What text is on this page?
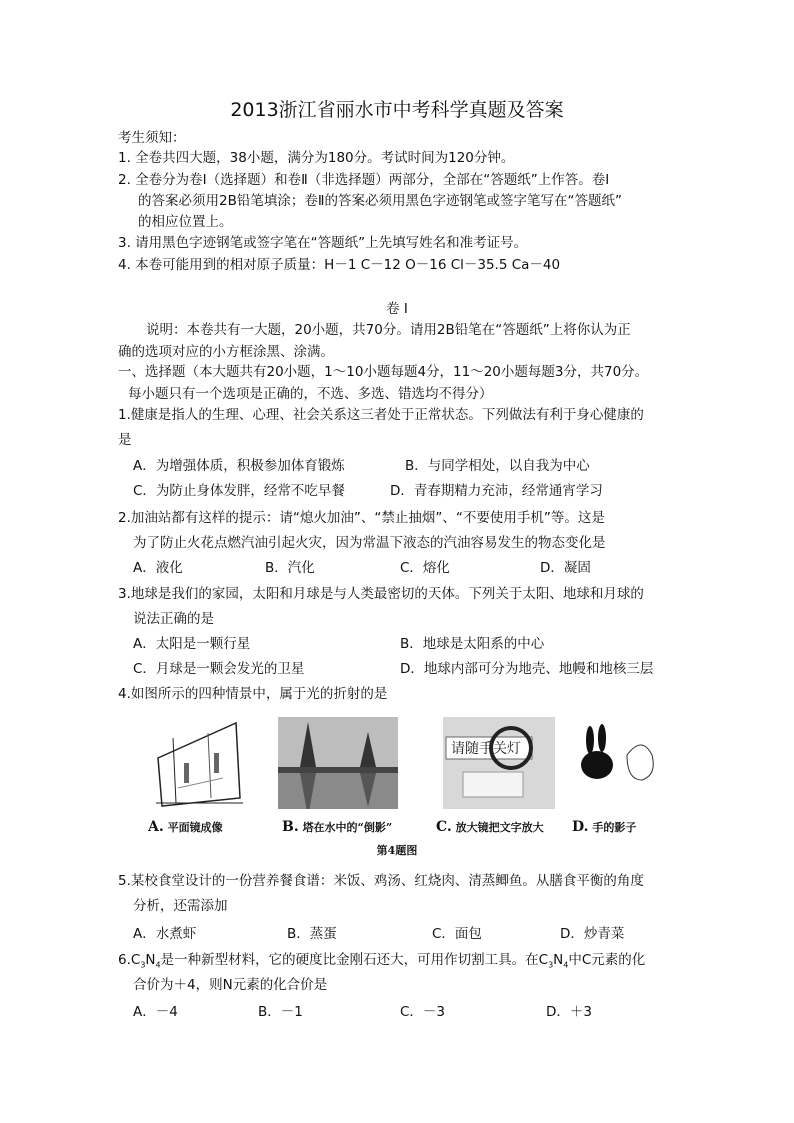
2013浙江省丽水市中考科学真题及答案
考生须知：
1. 全卷共四大题，38小题，满分为180分。考试时间为120分钟。
2. 全卷分为卷Ⅰ（选择题）和卷Ⅱ（非选择题）两部分，全部在“答题纸”上作答。卷Ⅰ
的答案必须用2B铅笔填涂；卷Ⅱ的答案必须用黑色字迹钢笔或签字笔写在“答题纸”
的相应位置上。
3. 请用黑色字迹钢笔或签字笔在“答题纸”上先填写姓名和准考证号。
4. 本卷可能用到的相对原子质量：H－1 C－12 O－16 Cl－35.5 Ca－40
卷 Ⅰ
说明：本卷共有一大题，20小题，共70分。请用2B铅笔在“答题纸”上将你认为正
确的选项对应的小方框涂黑、涂满。
一、选择题（本大题共有20小题，1～10小题每题4分，11～20小题每题3分，共70分。
每小题只有一个选项是正确的，不选、多选、错选均不得分）
1.健康是指人的生理、心理、社会关系这三者处于正常状态。下列做法有利于身心健康的
是
A．为增强体质，积极参加体育锻炼	B．与同学相处，以自我为中心
C．为防止身体发胖，经常不吃早餐	D．青春期精力充沛，经常通宵学习
2.加油站都有这样的提示：请“熄火加油”、“禁止抽烟”、“不要使用手机”等。这是
为了防止火花点燃汽油引起火灾，因为常温下液态的汽油容易发生的物态变化是
A．液化	B．汽化	C．熔化	D．凝固
3.地球是我们的家园，太阳和月球是与人类最密切的天体。下列关于太阳、地球和月球的
说法正确的是
A．太阳是一颗行星	B．地球是太阳系的中心
C．月球是一颗会发光的卫星	D．地球内部可分为地壳、地幔和地核三层
4.如图所示的四种情景中，属于光的折射的是
请随手关灯
A. 平面镜成像	B. 塔在水中的“倒影”	C. 放大镜把文字放大 D. 手的影子
第4题图
5.某校食堂设计的一份营养餐食谱：米饭、鸡汤、红烧肉、清蒸鲫鱼。从膳食平衡的角度
分析，还需添加
A．水煮虾	B．蒸蛋	C．面包	D．炒青菜
$6.C_3N_4$是一种新型材料，它的硬度比金刚石还大，可用作切割工具。在$C_3N_4$中C元素的化
合价为＋4，则N元素的化合价是
A．－4	B．－1	C．－3	D．＋3
